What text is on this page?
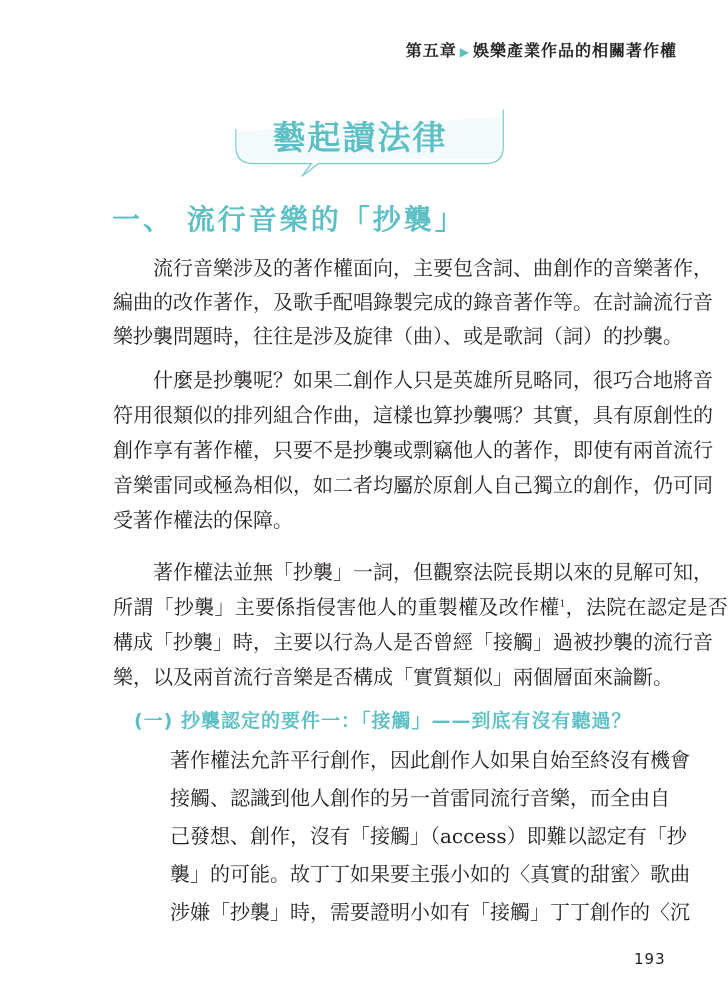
第五章 ▶ 娛樂產業作品的相關著作權
藝起讀法律
一、 流行音樂的「抄襲」
流行音樂涉及的著作權面向，主要包含詞、曲創作的音樂著作，
編曲的改作著作，及歌手配唱錄製完成的錄音著作等。在討論流行音
樂抄襲問題時，往往是涉及旋律（曲）、或是歌詞（詞）的抄襲。
什麼是抄襲呢？如果二創作人只是英雄所見略同，很巧合地將音
符用很類似的排列組合作曲，這樣也算抄襲嗎？其實，具有原創性的
創作享有著作權，只要不是抄襲或剽竊他人的著作，即使有兩首流行
音樂雷同或極為相似，如二者均屬於原創人自己獨立的創作，仍可同
受著作權法的保障。
著作權法並無「抄襲」一詞，但觀察法院長期以來的見解可知，
所謂「抄襲」主要係指侵害他人的重製權及改作權$^1$，法院在認定是否
構成「抄襲」時，主要以行為人是否曾經「接觸」過被抄襲的流行音
樂，以及兩首流行音樂是否構成「實質類似」兩個層面來論斷。
(一) 抄襲認定的要件一：「接觸」——到底有沒有聽過？
著作權法允許平行創作，因此創作人如果自始至終沒有機會
接觸、認識到他人創作的另一首雷同流行音樂，而全由自
己發想、創作，沒有「接觸」（access）即難以認定有「抄
襲」的可能。故丁丁如果要主張小如的〈真實的甜蜜〉歌曲
涉嫌「抄襲」時，需要證明小如有「接觸」丁丁創作的〈沉
193
